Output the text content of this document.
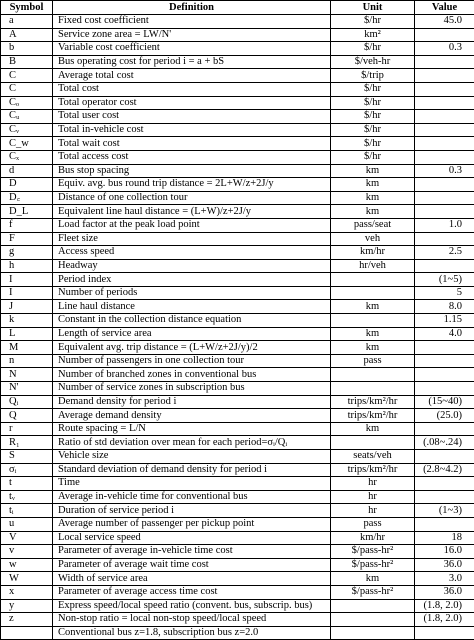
Symbol	Definition	Unit	Value
a	Fixed cost coefficient	$/hr	45.0
A	Service zone area = LW/N'	km²	
b	Variable cost coefficient	$/hr	0.3
B	Bus operating cost for period i = a + bS	$/veh-hr	
C	Average total cost	$/trip	
C	Total cost	$/hr	
Cₒ	Total operator cost	$/hr	
Cᵤ	Total user cost	$/hr	
Cᵥ	Total in-vehicle cost	$/hr	
C_w	Total wait cost	$/hr	
Cₓ	Total access cost	$/hr	
d	Bus stop spacing	km	0.3
D	Equiv. avg. bus round trip distance = 2L+W/z+2J/y	km	
D꜀	Distance of one collection tour	km	
D_L	Equivalent line haul distance = (L+W)/z+2J/y	km	
f	Load factor at the peak load point	pass/seat	1.0
F	Fleet size	veh	
g	Access speed	km/hr	2.5
h	Headway	hr/veh	
I	Period index		(1~5)
I	Number of periods		5
J	Line haul distance	km	8.0
k	Constant in the collection distance equation		1.15
L	Length of service area	km	4.0
M	Equivalent avg. trip distance = (L+W/z+2J/y)/2	km	
n	Number of passengers in one collection tour	pass	
N	Number of branched zones in conventional bus		
N'	Number of service zones in subscription bus		
Qᵢ	Demand density for period i	trips/km²/hr	(15~40)
Q	Average demand density	trips/km²/hr	(25.0)
r	Route spacing = L/N	km	
R₁	Ratio of std deviation over mean for each period=σᵢ/Qᵢ		(.08~.24)
S	Vehicle size	seats/veh	
σᵢ	Standard deviation of demand density for period i	trips/km²/hr	(2.8~4.2)
t	Time	hr	
tᵥ	Average in-vehicle time for conventional bus	hr	
tᵢ	Duration of service period i	hr	(1~3)
u	Average number of passenger per pickup point	pass	
V	Local service speed	km/hr	18
v	Parameter of average in-vehicle time cost	$/pass-hr²	16.0
w	Parameter of average wait time cost	$/pass-hr²	36.0
W	Width of service area	km	3.0
x	Parameter of average access time cost	$/pass-hr²	36.0
y	Express speed/local speed ratio (convent. bus, subscrip. bus)		(1.8, 2.0)
z	Non-stop ratio = local non-stop speed/local speed		(1.8, 2.0)
	Conventional bus z=1.8, subscription bus z=2.0		
